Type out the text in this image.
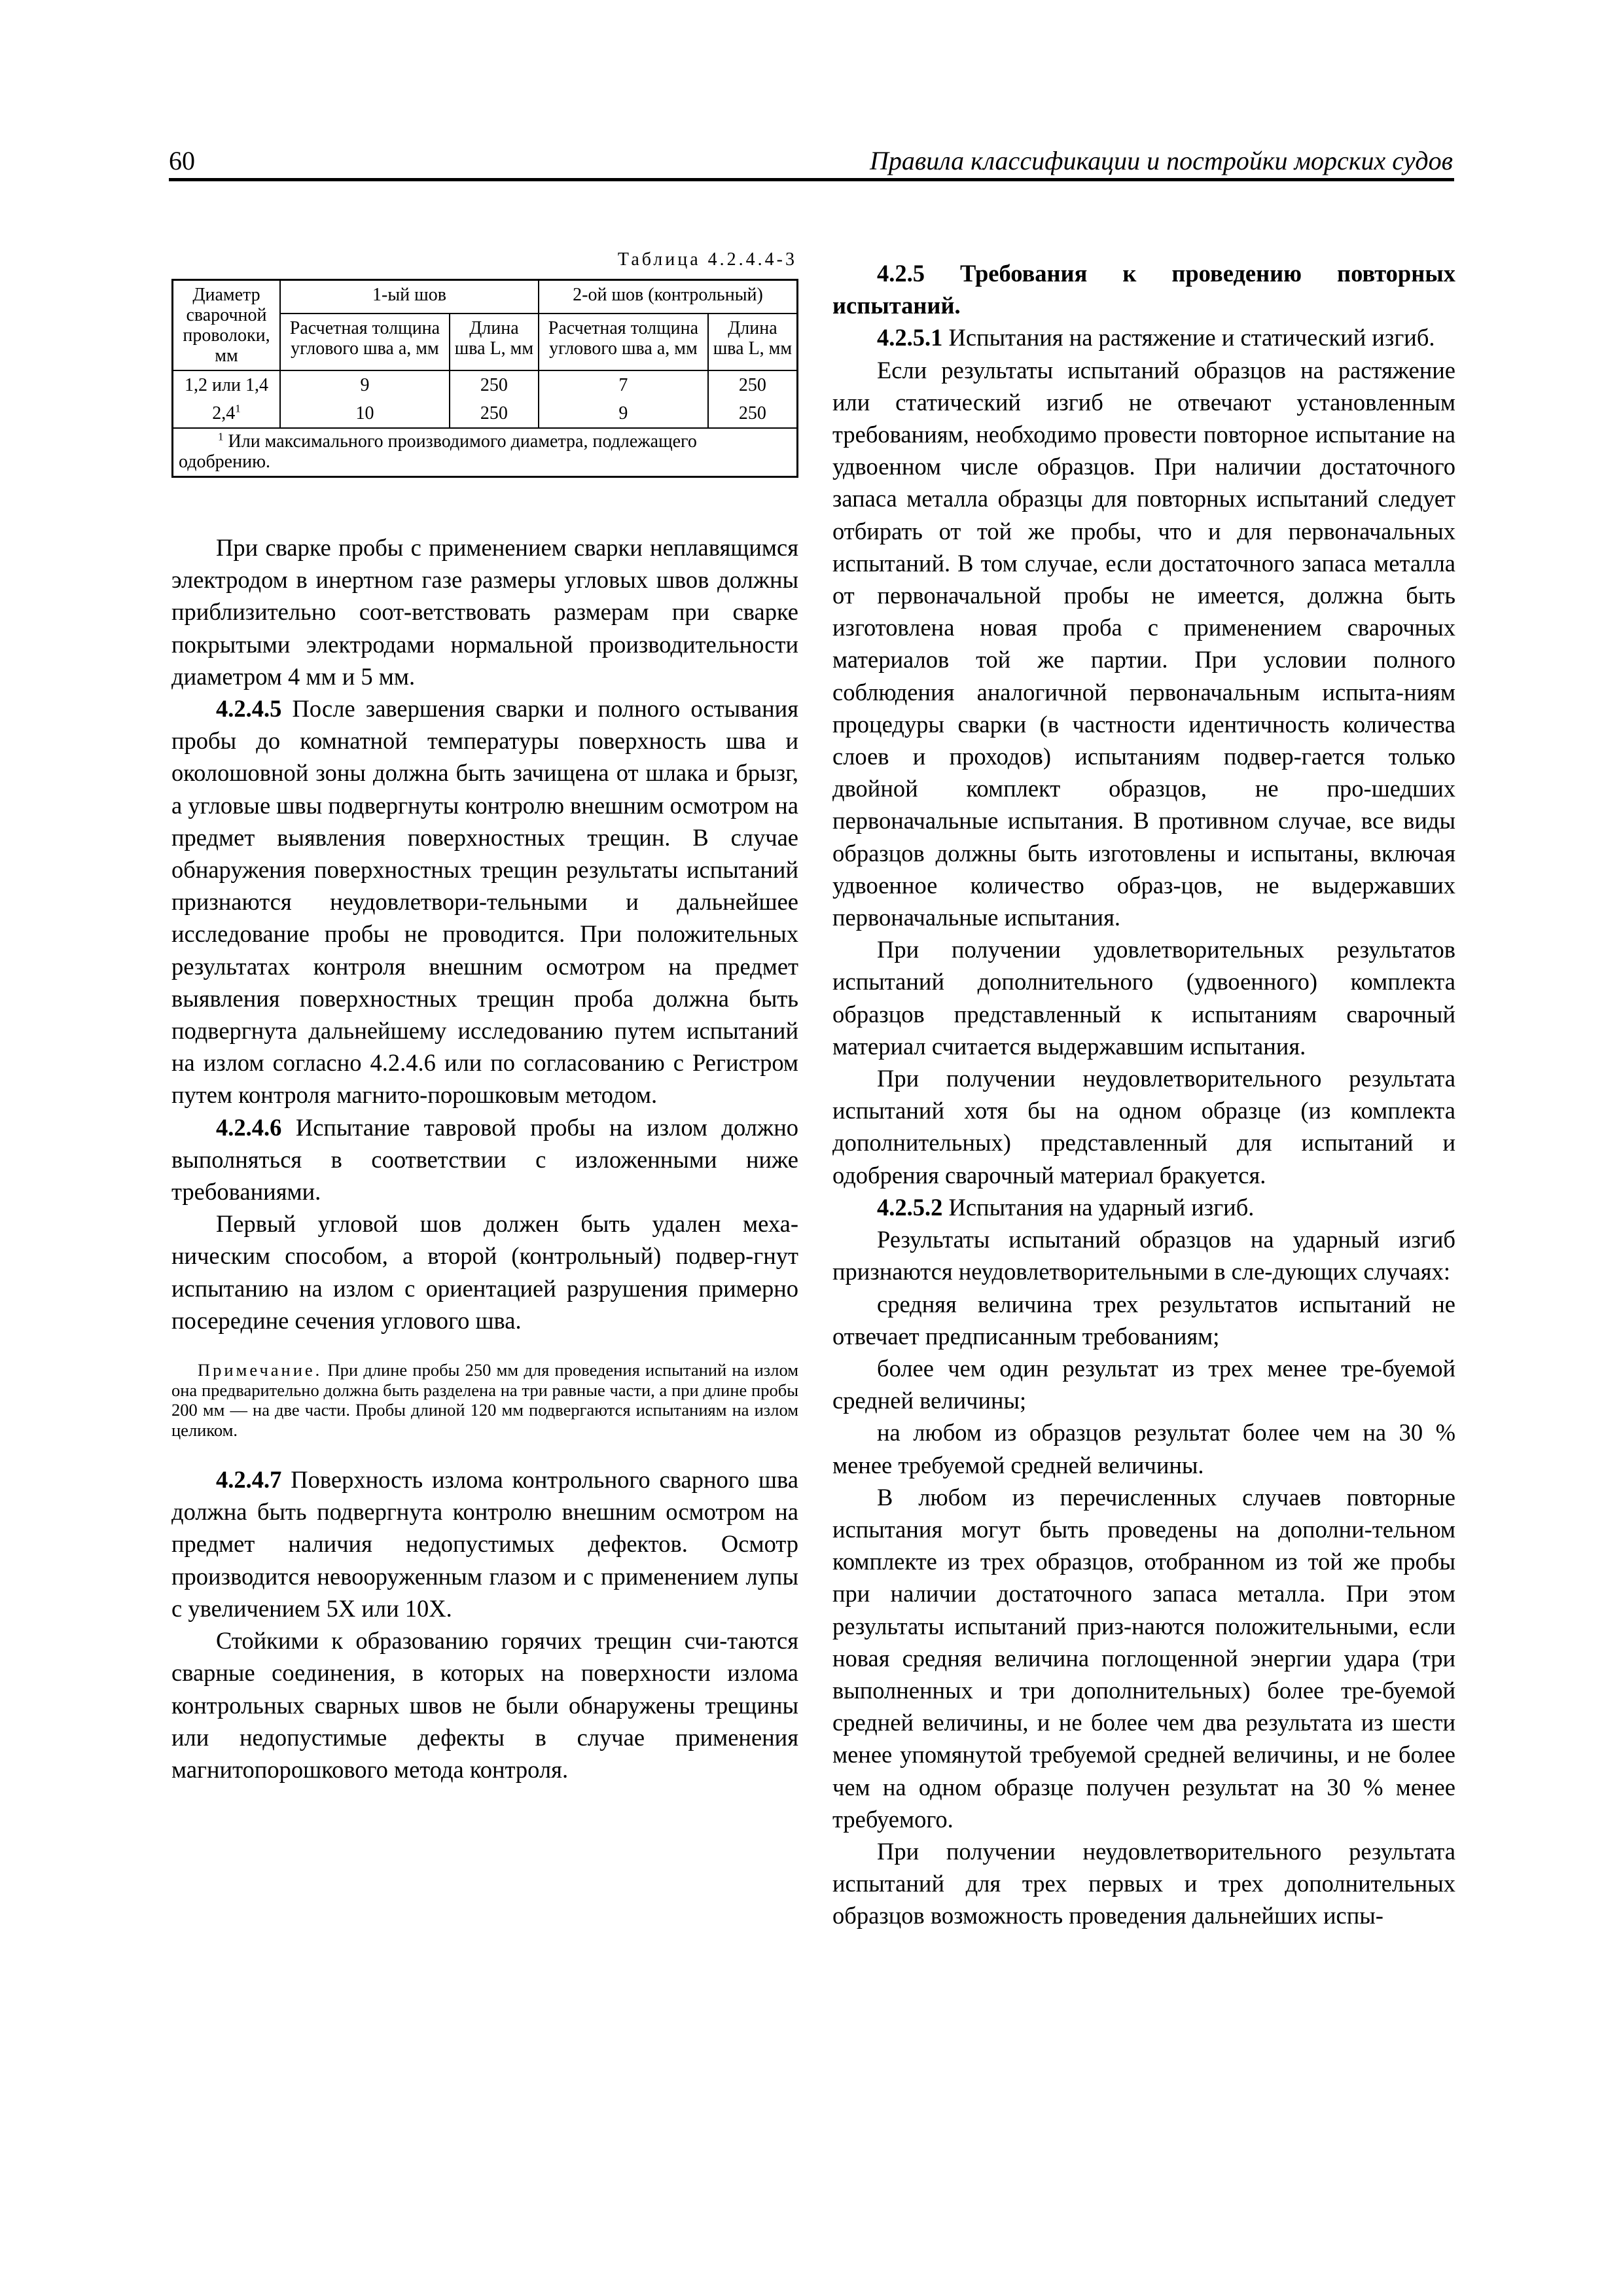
60	Правила классификации и постройки морских судов
Таблица 4.2.4.4-3
Диаметр сварочной проволоки, мм	1-ый шов		2-ой шов (контрольный)	
	Расчетная толщина углового шва a, мм	Длина шва L, мм	Расчетная толщина углового шва a, мм	Длина шва L, мм
1,2 или 1,4	9	250	7	250
$2,4^1$	10	250	9	250
$^1$ Или максимального производимого диаметра, подлежащего одобрению.				

При сварке пробы с применением сварки неплавящимся электродом в инертном газе размеры угловых швов должны приблизительно соот-ветствовать размерам при сварке покрытыми электродами нормальной производительности диаметром 4 мм и 5 мм.

4.2.4.5 После завершения сварки и полного остывания пробы до комнатной температуры поверхность шва и околошовной зоны должна быть зачищена от шлака и брызг, а угловые швы подвергнуты контролю внешним осмотром на предмет выявления поверхностных трещин. В случае обнаружения поверхностных трещин результаты испытаний признаются неудовлетвори-тельными и дальнейшее исследование пробы не проводится. При положительных результатах контроля внешним осмотром на предмет выявления поверхностных трещин проба должна быть подвергнута дальнейшему исследованию путем испытаний на излом согласно 4.2.4.6 или по согласованию с Регистром путем контроля магнито-порошковым методом.

4.2.4.6 Испытание тавровой пробы на излом должно выполняться в соответствии с изложенными ниже требованиями.

Первый угловой шов должен быть удален меха-ническим способом, а второй (контрольный) подвер-гнут испытанию на излом с ориентацией разрушения примерно посередине сечения углового шва.

Примечание. При длине пробы 250 мм для проведения испытаний на излом она предварительно должна быть разделена на три равные части, а при длине пробы 200 мм — на две части. Пробы длиной 120 мм подвергаются испытаниям на излом целиком.

4.2.4.7 Поверхность излома контрольного сварного шва должна быть подвергнута контролю внешним осмотром на предмет наличия недопустимых дефектов. Осмотр производится невооруженным глазом и с применением лупы с увеличением 5Х или 10Х.

Стойкими к образованию горячих трещин счи-таются сварные соединения, в которых на поверхности излома контрольных сварных швов не были обнаружены трещины или недопустимые дефекты в случае применения магнитопорошкового метода контроля.

4.2.5 Требования к проведению повторных испытаний.

4.2.5.1 Испытания на растяжение и статический изгиб.

Если результаты испытаний образцов на растяжение или статический изгиб не отвечают установленным требованиям, необходимо провести повторное испытание на удвоенном числе образцов. При наличии достаточного запаса металла образцы для повторных испытаний следует отбирать от той же пробы, что и для первоначальных испытаний. В том случае, если достаточного запаса металла от первоначальной пробы не имеется, должна быть изготовлена новая проба с применением сварочных материалов той же партии. При условии полного соблюдения аналогичной первоначальным испыта-ниям процедуры сварки (в частности идентичность количества слоев и проходов) испытаниям подвер-гается только двойной комплект образцов, не про-шедших первоначальные испытания. В противном случае, все виды образцов должны быть изготовлены и испытаны, включая удвоенное количество образ-цов, не выдержавших первоначальные испытания.

При получении удовлетворительных результатов испытаний дополнительного (удвоенного) комплекта образцов представленный к испытаниям сварочный материал считается выдержавшим испытания.

При получении неудовлетворительного результата испытаний хотя бы на одном образце (из комплекта дополнительных) представленный для испытаний и одобрения сварочный материал бракуется.

4.2.5.2 Испытания на ударный изгиб.

Результаты испытаний образцов на ударный изгиб признаются неудовлетворительными в сле-дующих случаях:

средняя величина трех результатов испытаний не отвечает предписанным требованиям;

более чем один результат из трех менее тре-буемой средней величины;

на любом из образцов результат более чем на 30 % менее требуемой средней величины.

В любом из перечисленных случаев повторные испытания могут быть проведены на дополни-тельном комплекте из трех образцов, отобранном из той же пробы при наличии достаточного запаса металла. При этом результаты испытаний приз-наются положительными, если новая средняя величина поглощенной энергии удара (три выполненных и три дополнительных) более тре-буемой средней величины, и не более чем два результата из шести менее упомянутой требуемой средней величины, и не более чем на одном образце получен результат на 30 % менее требуемого.

При получении неудовлетворительного результата испытаний для трех первых и трех дополнительных образцов возможность проведения дальнейших испы-
